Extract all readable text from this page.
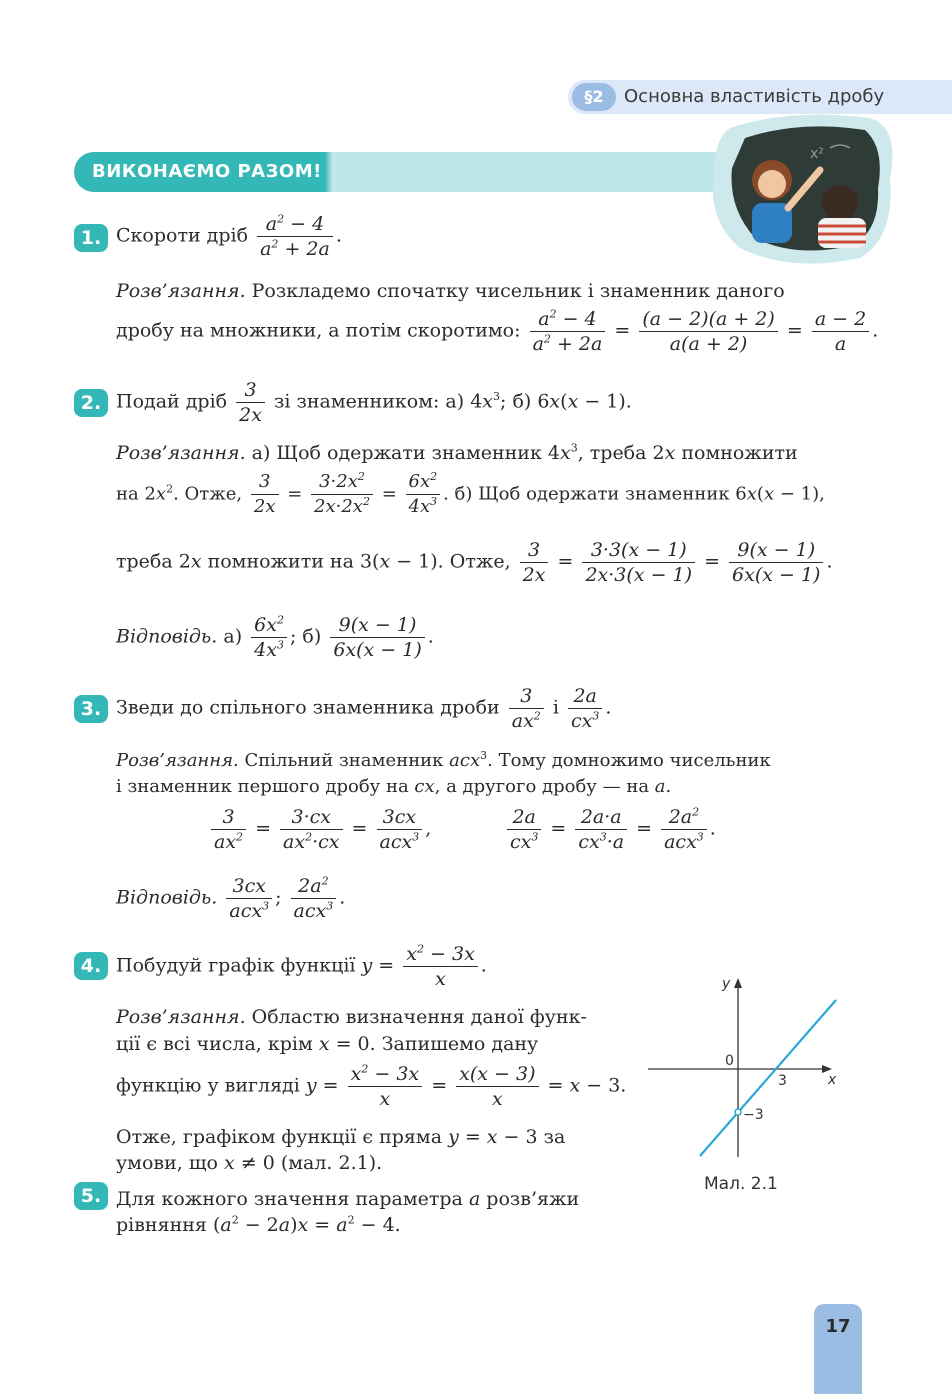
§2	Основна властивість дробу
ВИКОНАЄМО РАЗОМ!
x²
1. Скороти дріб $\frac{a^2 - 4}{a^2 + 2a}$ .
Розв’язання. Розкладемо спочатку чисельник і знаменник даного
дробу на множники, а потім скоротимо: $\frac{a^2 - 4}{a^2 + 2a} = \frac{(a - 2)(a + 2)}{a(a + 2)} = \frac{a - 2}{a}$ .
2. Подай дріб $\frac{3}{2x}$ зі знаменником: а) $4x^3$; б) 6x(x − 1).
Розв’язання. а) Щоб одержати знаменник $4x^3$, треба 2x помножити
на $2x^2$. Отже, $\frac{3}{2x} = \frac{3\cdot 2x^2}{2x\cdot 2x^2} = \frac{6x^2}{4x^3}$ . б) Щоб одержати знаменник 6x(x − 1),
треба 2x помножити на 3(x − 1). Отже, $\frac{3}{2x} = \frac{3\cdot 3(x - 1)}{2x\cdot 3(x - 1)} = \frac{9(x - 1)}{6x(x - 1)}$ .
Відповідь. $а) \frac{6x^2}{4x^3}$ ; $б) \frac{9(x - 1)}{6x(x - 1)}$ .
3. Зведи до спільного знаменника дроби $\frac{3}{ax^2}$ і $\frac{2a}{cx^3}$ .
Розв’язання. Спільний знаменник acx$^3$. Тому домножимо чисельник
і знаменник першого дробу на cx, а другого дробу — на a.
$\frac{3}{ax^2} = \frac{3\cdot cx}{ax^2\cdot cx} = \frac{3cx}{acx^3}$ ,	$\frac{2a}{cx^3} = \frac{2a\cdot a}{cx^3\cdot a} = \frac{2a^2}{acx^3}$ .
Відповідь. $\frac{3cx}{acx^3}$ ; $\frac{2a^2}{acx^3}$ .
4. Побудуй графік функції $y = \frac{x^2 - 3x}{x}$ .
Розв’язання. Областю визначення даної функ-
ції є всі числа, крім x = 0. Запишемо дану
функцію у вигляді $y = \frac{x^2 - 3x}{x} = \frac{x(x - 3)}{x} = x - 3$.
Отже, графіком функції є пряма y = x − 3 за
умови, що x ≠ 0 (мал. 2.1).
y
x
0
3
−3
Мал. 2.1
5. Для кожного значення параметра a розв’яжи
рівняння $(a^2 - 2a)x = a^2 - 4$.
17
